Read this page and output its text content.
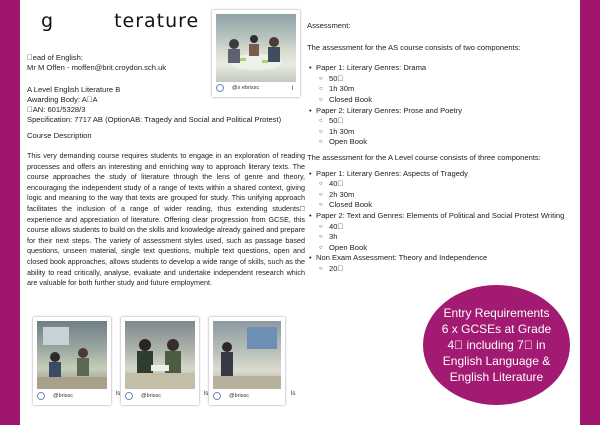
g	terature
@s ebrissc	l
 ead of English:
Mr M Offen - moffen@brit.croydon.sch.uk
A Level English Literature B
Awarding Body: A A
 AN: 601/5328/3
Specification: 7717 AB (OptionAB: Tragedy and Social and Political Protest)
Course Description

This very demanding course requires students to engage in an exploration of reading processes and offers an interesting and enriching way to approach literary texts. The course approaches the study of literature through the lens of genre and theory, encouraging the independent study of a range of texts within a shared context, giving logic and meaning to the way that texts are grouped for study. This unifying approach facilitates the inclusion of a range of wider reading, thus extending students  experience and appreciation of literature. Offering clear progression from GCSE, this course allows students to build on the skills and knowledge already gained and prepare for their next steps. The variety of assessment styles used, such as passage based questions, unseen material, single text questions, multiple text questions, open and closed book approaches, allows students to develop a wide range of skills, such as the ability to read critically, analyse, evaluate and undertake independent research which are valuable for both further study and future employment.

Assessment:
The assessment for the AS course consists of two components:
• Paper 1: Literary Genres: Drama
○ 50 
○ 1h 30m
○ Closed Book
• Paper 2: Literary Genres: Prose and Poetry
○ 50 
○ 1h 30m
○ Open Book
The assessment for the A Level course consists of three components:
• Paper 1: Literary Genres: Aspects of Tragedy
○ 40 
○ 2h 30m
○ Closed Book
• Paper 2: Text and Genres: Elements of Political and Social Protest Writing
○ 40 
○ 3h
○ Open Book
• Non Exam Assessment: Theory and Independence
○ 20 
@brissc	ls	@brissc	ls	@brissc	ls
Entry Requirements
6 x GCSEs at Grade
4  including 7  in
English Language &
English Literature
